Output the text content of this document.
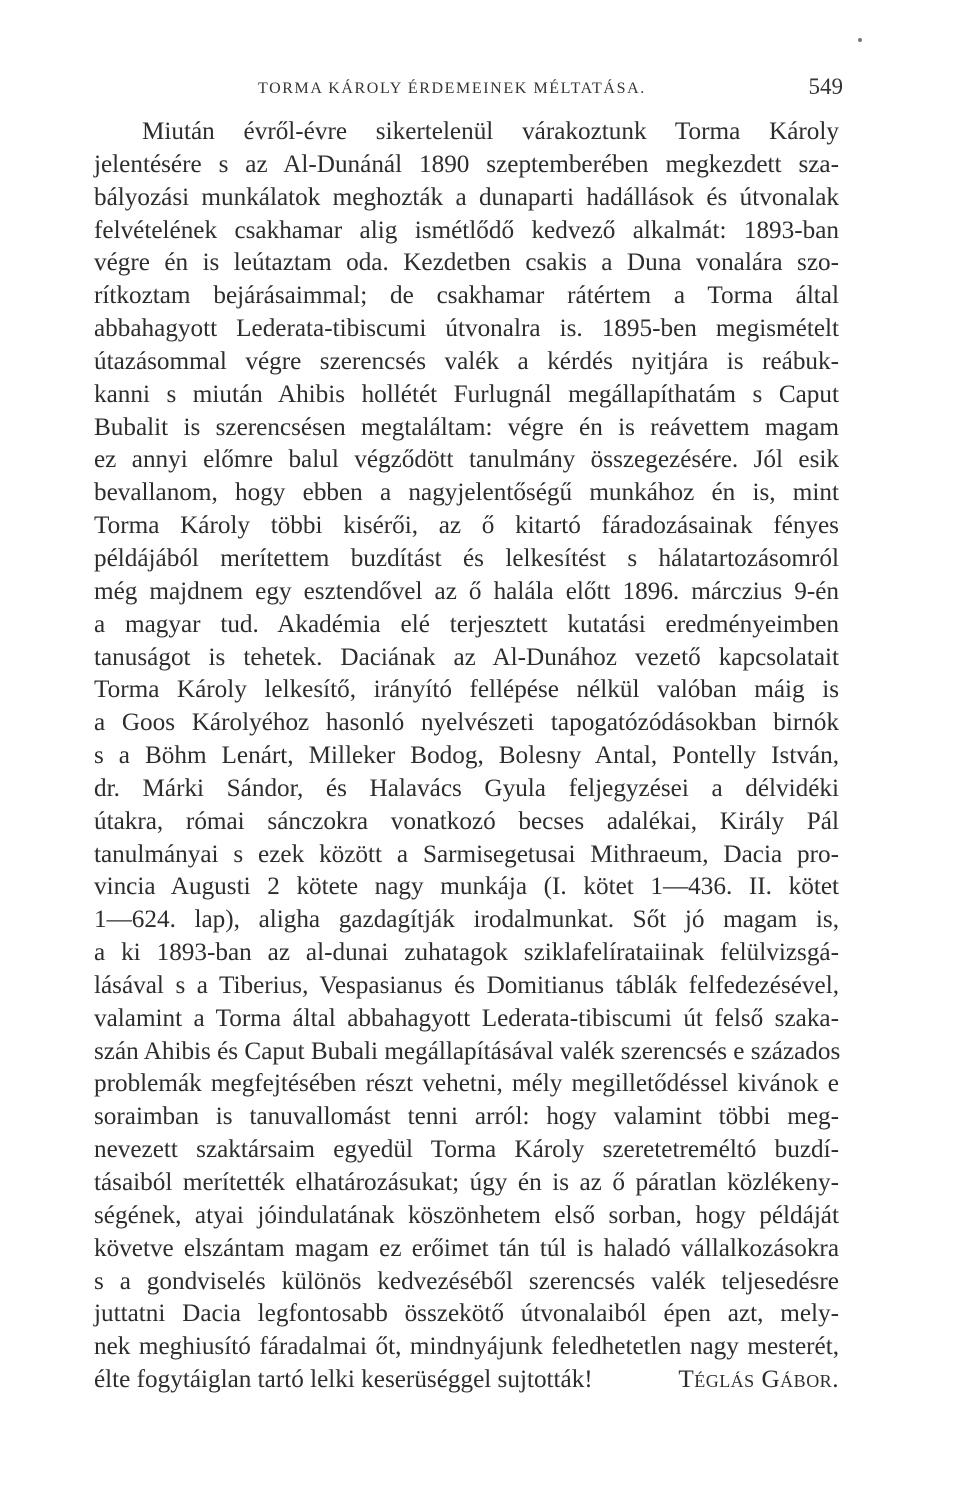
TORMA KÁROLY ÉRDEMEINEK MÉLTATÁSA.	549
Miután évről-évre sikertelenül várakoztunk Torma Károly
jelentésére s az Al-Dunánál 1890 szeptemberében megkezdett sza-
bályozási munkálatok meghozták a dunaparti hadállások és útvonalak
felvételének csakhamar alig ismétlődő kedvező alkalmát: 1893-ban
végre én is leútaztam oda. Kezdetben csakis a Duna vonalára szo-
rítkoztam bejárásaimmal; de csakhamar rátértem a Torma által
abbahagyott Lederata-tibiscumi útvonalra is. 1895-ben megismételt
útazásommal végre szerencsés valék a kérdés nyitjára is reábuk-
kanni s miután Ahibis hollétét Furlugnál megállapíthatám s Caput
Bubalit is szerencsésen megtaláltam: végre én is reávettem magam
ez annyi előmre balul végződött tanulmány összegezésére. Jól esik
bevallanom, hogy ebben a nagyjelentőségű munkához én is, mint
Torma Károly többi kisérői, az ő kitartó fáradozásainak fényes
példájából merítettem buzdítást és lelkesítést s hálatartozásomról
még majdnem egy esztendővel az ő halála előtt 1896. márczius 9-én
a magyar tud. Akadémia elé terjesztett kutatási eredményeimben
tanuságot is tehetek. Daciának az Al-Dunához vezető kapcsolatait
Torma Károly lelkesítő, irányító fellépése nélkül valóban máig is
a Goos Károlyéhoz hasonló nyelvészeti tapogatózódásokban birnók
s a Böhm Lenárt, Milleker Bodog, Bolesny Antal, Pontelly István,
dr. Márki Sándor, és Halavács Gyula feljegyzései a délvidéki
útakra, római sánczokra vonatkozó becses adalékai, Király Pál
tanulmányai s ezek között a Sarmisegetusai Mithraeum, Dacia pro-
vincia Augusti 2 kötete nagy munkája (I. kötet 1—436. II. kötet
1—624. lap), aligha gazdagítják irodalmunkat. Sőt jó magam is,
a ki 1893-ban az al-dunai zuhatagok sziklafelírataiinak felülvizsgá-
lásával s a Tiberius, Vespasianus és Domitianus táblák felfedezésével,
valamint a Torma által abbahagyott Lederata-tibiscumi út felső szaka-
szán Ahibis és Caput Bubali megállapításával valék szerencsés e százados
problemák megfejtésében részt vehetni, mély megilletődéssel kivánok e
soraimban is tanuvallomást tenni arról: hogy valamint többi meg-
nevezett szaktársaim egyedül Torma Károly szeretetreméltó buzdí-
tásaiból merítették elhatározásukat; úgy én is az ő páratlan közlékeny-
ségének, atyai jóindulatának köszönhetem első sorban, hogy példáját
követve elszántam magam ez erőimet tán túl is haladó vállalkozásokra
s a gondviselés különös kedvezéséből szerencsés valék teljesedésre
juttatni Dacia legfontosabb összekötő útvonalaiból épen azt, mely-
nek meghiusító fáradalmai őt, mindnyájunk feledhetetlen nagy mesterét,
élte fogytáiglan tartó lelki keserüséggel sujtották!	Téglás Gábor.
